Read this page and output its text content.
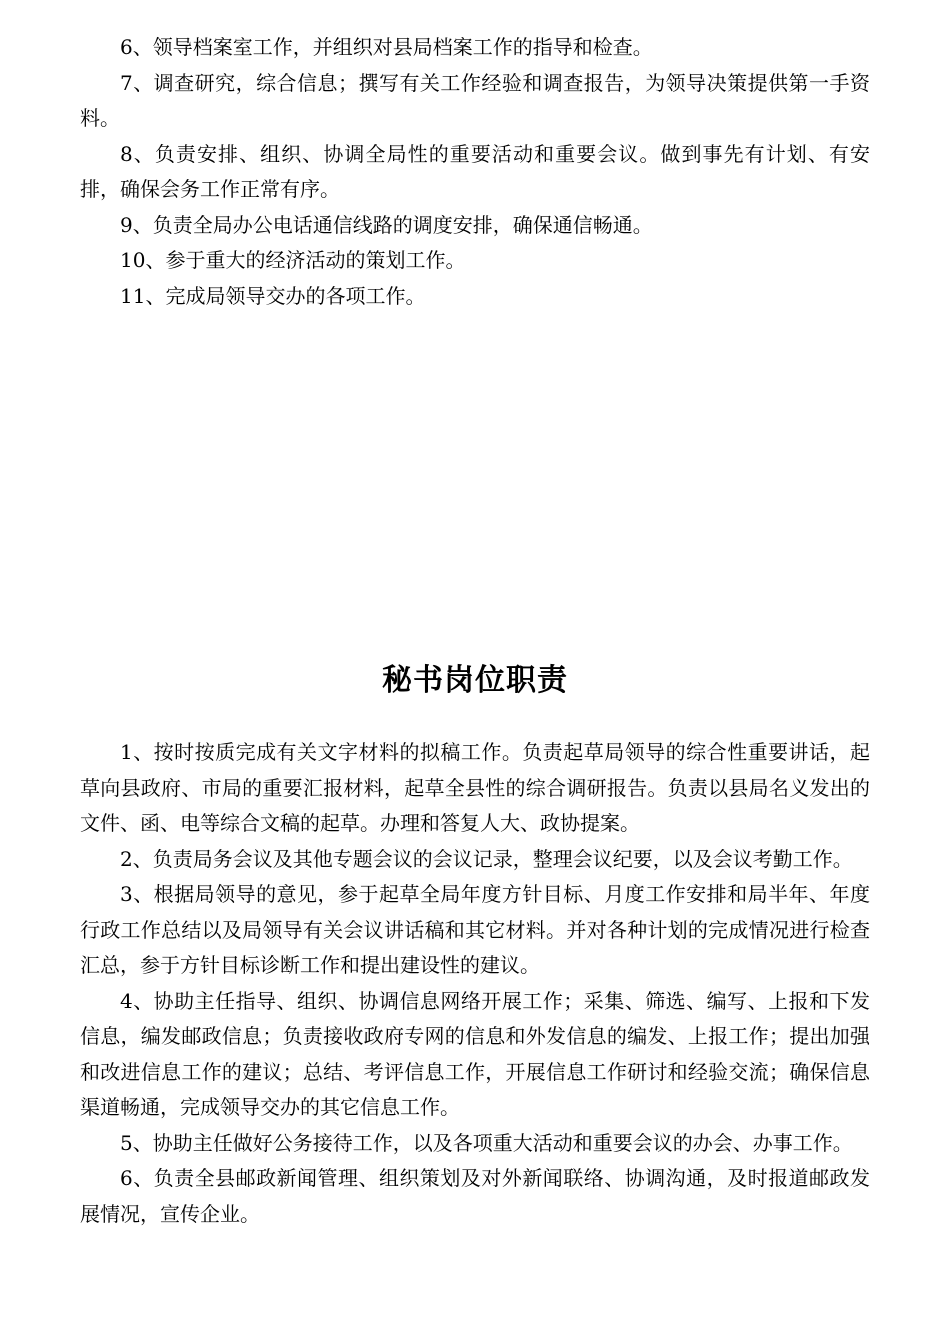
6、领导档案室工作，并组织对县局档案工作的指导和检查。

7、调查研究，综合信息；撰写有关工作经验和调查报告，为领导决策提供第一手资料。

8、负责安排、组织、协调全局性的重要活动和重要会议。做到事先有计划、有安排，确保会务工作正常有序。

9、负责全局办公电话通信线路的调度安排，确保通信畅通。

10、参于重大的经济活动的策划工作。

11、完成局领导交办的各项工作。

秘书岗位职责

1、按时按质完成有关文字材料的拟稿工作。负责起草局领导的综合性重要讲话，起草向县政府、市局的重要汇报材料，起草全县性的综合调研报告。负责以县局名义发出的文件、函、电等综合文稿的起草。办理和答复人大、政协提案。

2、负责局务会议及其他专题会议的会议记录，整理会议纪要，以及会议考勤工作。

3、根据局领导的意见，参于起草全局年度方针目标、月度工作安排和局半年、年度行政工作总结以及局领导有关会议讲话稿和其它材料。并对各种计划的完成情况进行检查汇总，参于方针目标诊断工作和提出建设性的建议。

4、协助主任指导、组织、协调信息网络开展工作；采集、筛选、编写、上报和下发信息，编发邮政信息；负责接收政府专网的信息和外发信息的编发、上报工作；提出加强和改进信息工作的建议；总结、考评信息工作，开展信息工作研讨和经验交流；确保信息渠道畅通，完成领导交办的其它信息工作。

5、协助主任做好公务接待工作，以及各项重大活动和重要会议的办会、办事工作。

6、负责全县邮政新闻管理、组织策划及对外新闻联络、协调沟通，及时报道邮政发展情况，宣传企业。
